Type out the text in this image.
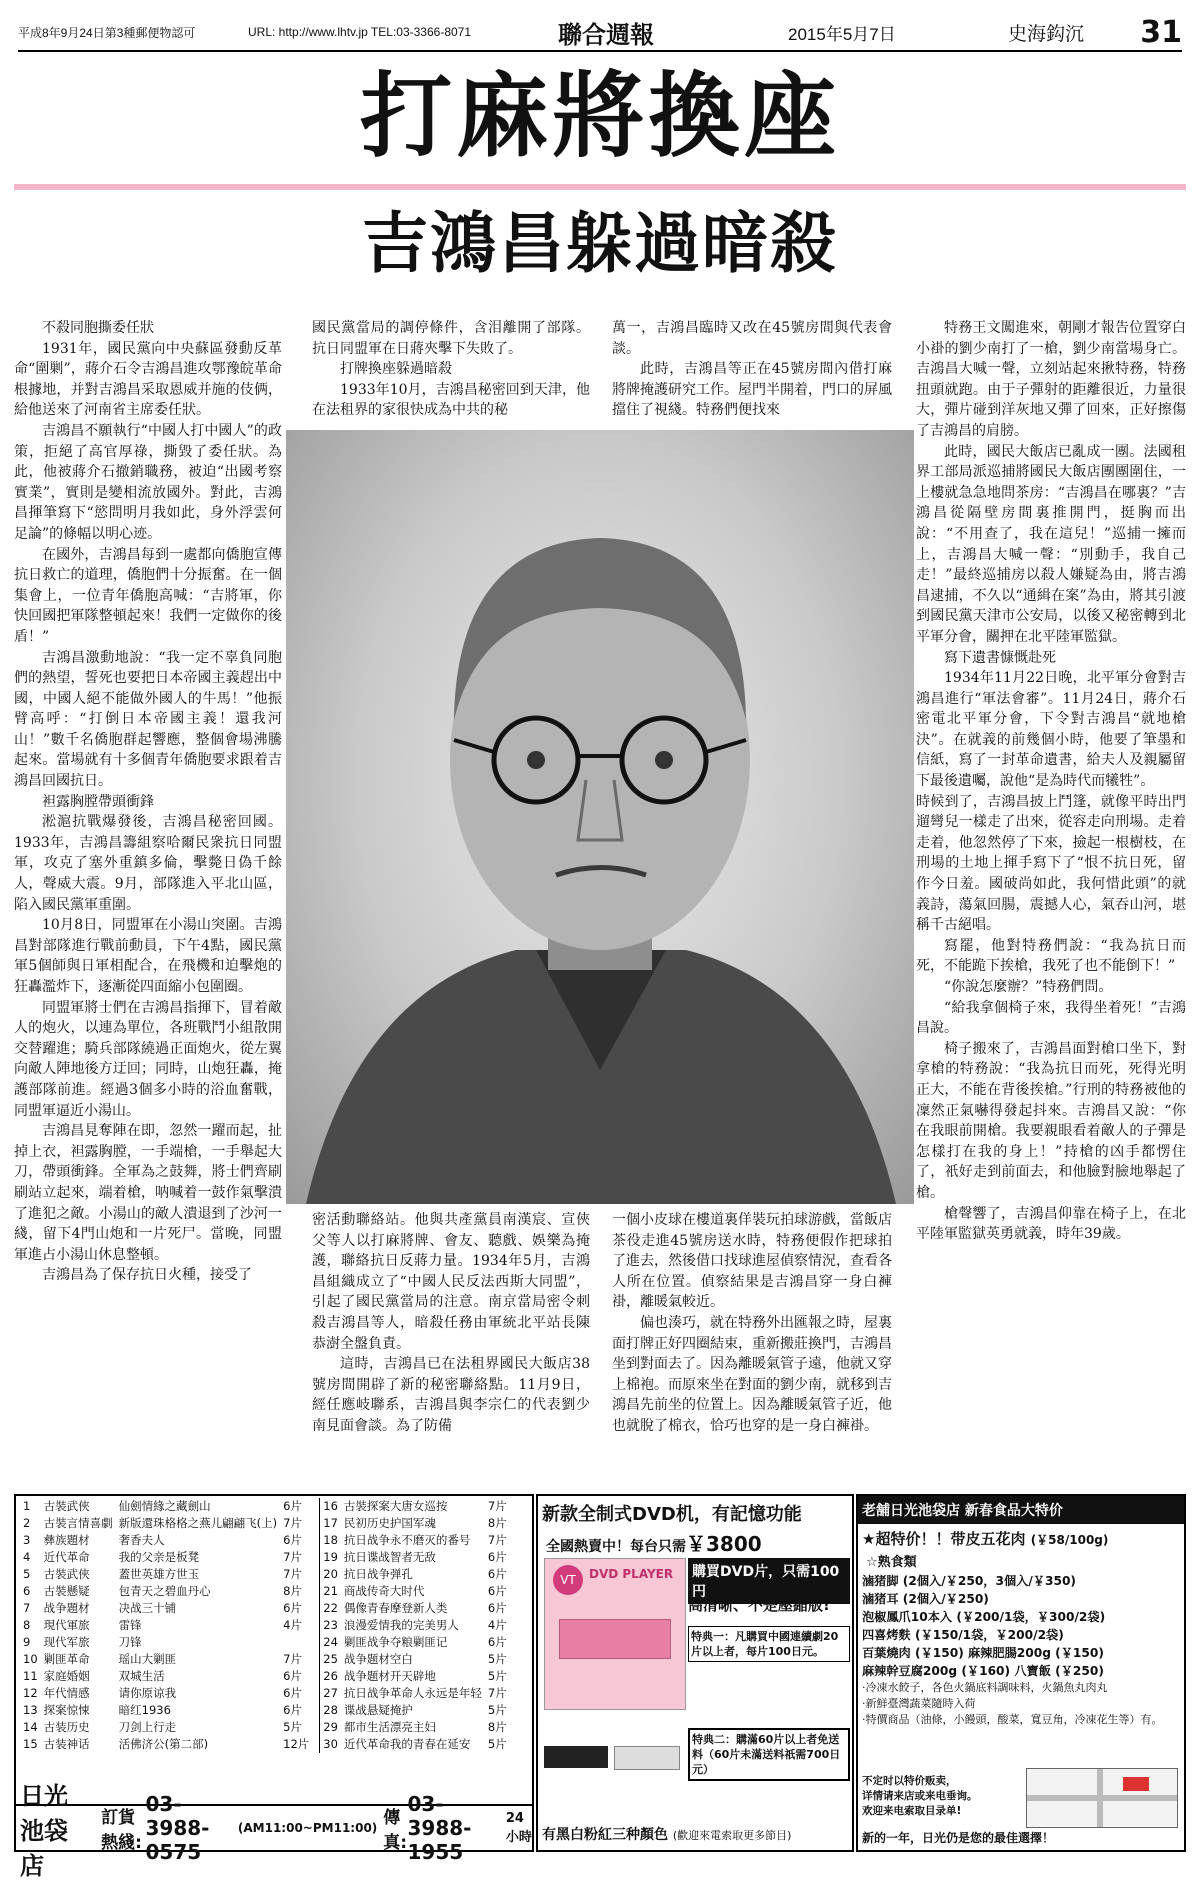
平成8年9月24日第3種郵便物認可	URL: http://www.lhtv.jp TEL:03-3366-8071	聯合週報	2015年5月7日	史海鈎沉	31
打麻將換座
吉鴻昌躲過暗殺

不殺同胞撕委任狀

1931年，國民黨向中央蘇區發動反革命“圍剿”，蔣介石令吉鴻昌進攻鄂豫皖革命根據地，并對吉鴻昌采取恩威并施的伎俩，給他送來了河南省主席委任狀。

吉鴻昌不願執行“中國人打中國人”的政策，拒絕了高官厚祿，撕毀了委任狀。為此，他被蔣介石撤銷職務，被迫“出國考察實業”，實則是變相流放國外。對此，吉鴻昌揮筆寫下“慾問明月我如此，身外浮雲何足論”的條幅以明心迹。

在國外，吉鴻昌每到一處都向僑胞宣傳抗日救亡的道理，僑胞們十分振奮。在一個集會上，一位青年僑胞高喊：“吉將軍，你快回國把軍隊整頓起來！我們一定做你的後盾！”

吉鴻昌激動地說：“我一定不辜負同胞們的熱望，誓死也要把日本帝國主義趕出中國，中國人絕不能做外國人的牛馬！”他振臂高呼：“打倒日本帝國主義！還我河山！”數千名僑胞群起響應，整個會場沸騰起來。當場就有十多個青年僑胞要求跟着吉鴻昌回國抗日。

袒露胸膛帶頭衝鋒

淞滬抗戰爆發後，吉鴻昌秘密回國。1933年，吉鴻昌籌組察哈爾民衆抗日同盟軍，攻克了塞外重鎮多倫，擊斃日偽千餘人，聲威大震。9月，部隊進入平北山區，陷入國民黨軍重圍。

10月8日，同盟軍在小湯山突圍。吉鴻昌對部隊進行戰前動員，下午4點，國民黨軍5個師與日軍相配合，在飛機和迫擊炮的狂轟濫炸下，逐漸從四面縮小包圍圈。

同盟軍將士們在吉鴻昌指揮下，冒着敵人的炮火，以連為單位，各班戰鬥小組散開交替躍進；騎兵部隊繞過正面炮火，從左翼向敵人陣地後方迂回；同時，山炮狂轟，掩護部隊前進。經過3個多小時的浴血奮戰，同盟軍逼近小湯山。

吉鴻昌見奪陣在即，忽然一躍而起，扯掉上衣，袒露胸膛，一手端槍，一手舉起大刀，帶頭衝鋒。全軍為之鼓舞，將士們齊刷刷站立起來，端着槍，呐喊着一鼓作氣擊潰了進犯之敵。小湯山的敵人潰退到了沙河一綫，留下4門山炮和一片死尸。當晚，同盟軍進占小湯山休息整頓。

吉鴻昌為了保存抗日火種，接受了

國民黨當局的調停條件，含泪離開了部隊。抗日同盟軍在日蔣夾擊下失敗了。

打牌換座躲過暗殺

1933年10月，吉鴻昌秘密回到天津，他在法租界的家很快成為中共的秘

萬一，吉鴻昌臨時又改在45號房間與代表會談。

此時，吉鴻昌等正在45號房間內借打麻將牌掩護研究工作。屋門半開着，門口的屏風擋住了視綫。特務們便找來

密活動聯絡站。他與共產黨員南漢宸、宣俠父等人以打麻將牌、會友、聽戲、娛樂為掩護，聯絡抗日反蔣力量。1934年5月，吉鴻昌組織成立了“中國人民反法西斯大同盟”，引起了國民黨當局的注意。南京當局密令刺殺吉鴻昌等人，暗殺任務由軍統北平站長陳恭澍全盤負責。

這時，吉鴻昌已在法租界國民大飯店38號房間開辟了新的秘密聯絡點。11月9日，經任應岐聯系，吉鴻昌與李宗仁的代表劉少南見面會談。為了防備

一個小皮球在樓道裏佯裝玩拍球游戲，當飯店茶役走進45號房送水時，特務便假作把球拍了進去，然後借口找球進屋偵察情況，查看各人所在位置。偵察結果是吉鴻昌穿一身白褲褂，離暖氣較近。

偏也湊巧，就在特務外出匯報之時，屋裏面打牌正好四圈結束，重新搬莊換門，吉鴻昌坐到對面去了。因為離暖氣管子遠，他就又穿上棉袍。而原來坐在對面的劉少南，就移到吉鴻昌先前坐的位置上。因為離暖氣管子近，他也就脫了棉衣，恰巧也穿的是一身白褲褂。

特務王文闖進來，朝剛才報告位置穿白小褂的劉少南打了一槍，劉少南當場身亡。吉鴻昌大喊一聲，立刻站起來揪特務，特務扭頭就跑。由于子彈射的距離很近，力量很大，彈片碰到洋灰地又彈了回來，正好擦傷了吉鴻昌的肩膀。

此時，國民大飯店已亂成一團。法國租界工部局派巡捕將國民大飯店團團圍住，一上樓就急急地問茶房：“吉鴻昌在哪裏？”吉鴻昌從隔壁房間裏推開門，挺胸而出說：“不用查了，我在這兒！”巡捕一擁而上，吉鴻昌大喊一聲：“別動手，我自己走！”最終巡捕房以殺人嫌疑為由，將吉鴻昌逮捕，不久以“通緝在案”為由，將其引渡到國民黨天津市公安局，以後又秘密轉到北平軍分會，關押在北平陸軍監獄。

寫下遺書慷慨赴死

1934年11月22日晚，北平軍分會對吉鴻昌進行“軍法會審”。11月24日，蔣介石密電北平軍分會，下令對吉鴻昌“就地槍決”。在就義的前幾個小時，他要了筆墨和信紙，寫了一封革命遺書，給夫人及親屬留下最後遺囑，說他“是為時代而犧牲”。

時候到了，吉鴻昌披上鬥篷，就像平時出門遛彎兒一樣走了出來，從容走向刑場。走着走着，他忽然停了下來，撿起一根樹枝，在刑場的土地上揮手寫下了“恨不抗日死，留作今日羞。國破尚如此，我何惜此頭”的就義詩，蕩氣回腸，震撼人心，氣吞山河，堪稱千古絕唱。

寫罷，他對特務們說：“我為抗日而死，不能跪下挨槍，我死了也不能倒下！”

“你說怎麼辦？”特務們問。

“給我拿個椅子來，我得坐着死！”吉鴻昌說。

椅子搬來了，吉鴻昌面對槍口坐下，對拿槍的特務說：“我為抗日而死，死得光明正大，不能在背後挨槍。”行刑的特務被他的凜然正氣嚇得發起抖來。吉鴻昌又說：“你在我眼前開槍。我要親眼看着敵人的子彈是怎樣打在我的身上！”持槍的凶手都愣住了，衹好走到前面去，和他臉對臉地舉起了槍。

槍聲響了，吉鴻昌仰靠在椅子上，在北平陸軍監獄英勇就義，時年39歲。

1	古裝武俠	仙劍情緣之藏劍山	6片	16	古裝探案大唐女巡按	7片
2	古裝言情喜劇	新版還珠格格之燕儿翩翩飞(上)	7片	17	民初历史护国军魂	8片
3	彝族題材	奢香夫人	6片	18	抗日战争永不磨灭的番号	7片
4	近代革命	我的父亲是板凳	7片	19	抗日谍战智者无敌	6片
5	古裝武俠	蓋世英雄方世玉	7片	20	抗日战争弹孔	6片
6	古裝懸疑	包青天之碧血丹心	8片	21	商战传奇大时代	6片
7	战争題材	决战三十铺	6片	22	偶像青春摩登新人类	6片
8	現代軍旅	雷锋	4片	23	浪漫爱情我的完美男人	4片
9	现代军旅	刀锋		24	剿匪战争夺粮剿匪记	6片
10	剿匪革命	瑶山大剿匪	7片	25	战争题材空白	5片
11	家庭婚姻	双城生活	6片	26	战争题材开天辟地	5片
12	年代情感	请你原谅我	6片	27	抗日战争革命人永远是年轻	7片
13	探案惊悚	暗红1936	6片	28	谍战悬疑掩护	5片
14	古装历史	刀剑上行走	5片	29	都市生活漂亮主妇	8片
15	古装神话	活佛济公(第二部)	12片	30	近代革命我的青春在延安	5片
日光池袋店
訂貨熱綫:
03-3988-0575
(AM11:00~PM11:00) 傳真:
03-3988-1955
24小時
新款全制式DVD机，有記憶功能
全國熱賣中！每台只需￥3800
DVD PLAYER
VT	購買DVD片，只需100円
高清晰、不是壓縮版!
特典一：凡購買中國連續劇20片以上者，每片100日元。
特典二：購滿60片以上者免送料（60片未滿送料祇需700日元）
有黑白粉紅三种顏色 (歡迎來電索取更多節目)
老舗日光池袋店 新春食品大特价
★超特价！！带皮五花肉 (￥58/100g)
☆熟食類
滷猪脚 (2個入/￥250，3個入/￥350)
滷猪耳 (2個入/￥250)
泡椒鳳爪10本入 (￥200/1袋，￥300/2袋)
四喜烤麩 (￥150/1袋，￥200/2袋)
百葉燒肉 (￥150) 麻辣肥腸200g (￥150)
麻辣幹豆腐200g (￥160) 八寶飯 (￥250)
·冷凍水餃子，各色火鍋底料調味料，火鍋魚丸肉丸
·新鮮臺灣蔬菜隨時入荷
·特價商品（油條，小饅頭，酸菜，寬豆角，冷凍花生等）有。
不定时以特价贩卖，
详情请来店或来电垂询。
欢迎来电索取目录单!
新的一年，日光仍是您的最佳選擇！
